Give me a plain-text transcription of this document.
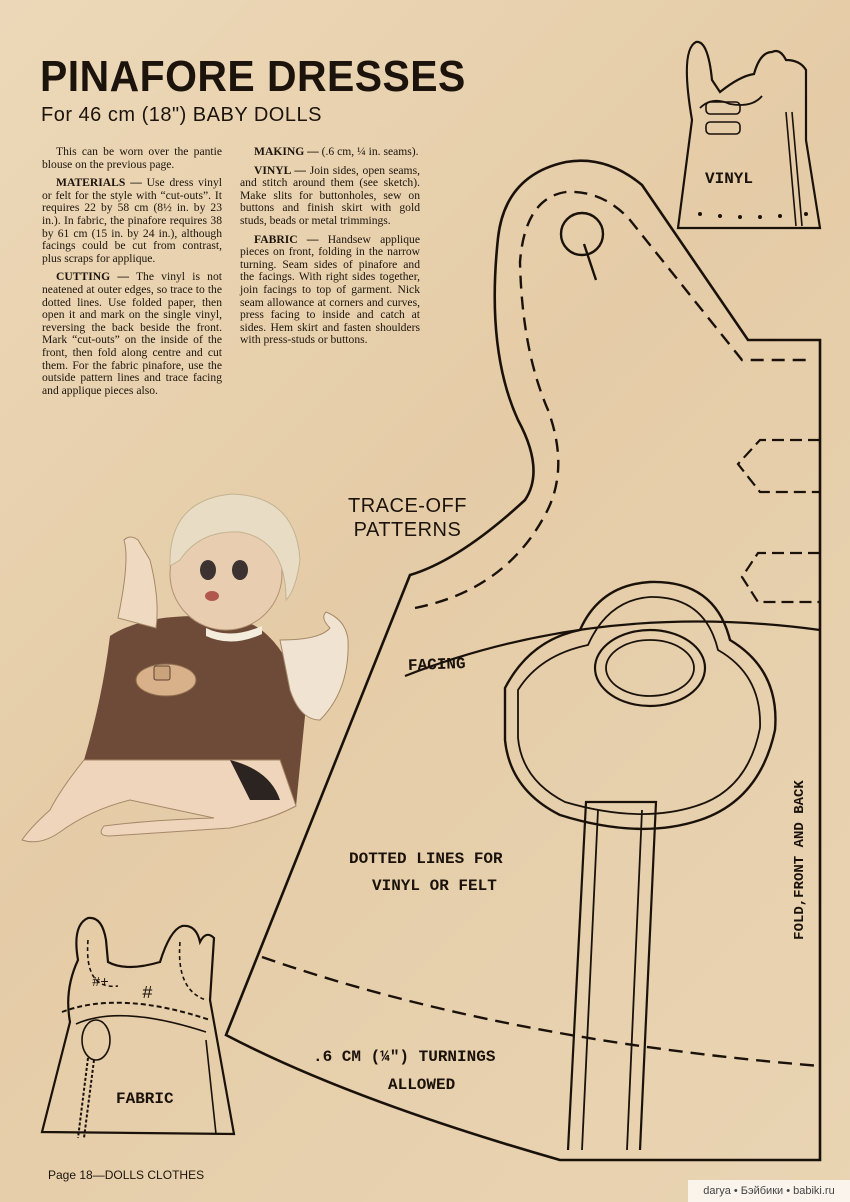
PINAFORE DRESSES
For 46 cm (18") BABY DOLLS

This can be worn over the pantie blouse on the previous page.

MATERIALS — Use dress vinyl or felt for the style with “cut-outs”. It requires 22 by 58 cm (8½ in. by 23 in.). In fabric, the pinafore requires 38 by 61 cm (15 in. by 24 in.), although facings could be cut from contrast, plus scraps for applique.

CUTTING — The vinyl is not neatened at outer edges, so trace to the dotted lines. Use folded paper, then open it and mark on the single vinyl, reversing the back beside the front. Mark “cut-outs” on the inside of the front, then fold along centre and cut them. For the fabric pinafore, use the outside pattern lines and trace facing and applique pieces also.

MAKING — (.6 cm, ¼ in. seams).

VINYL — Join sides, open seams, and stitch around them (see sketch). Make slits for buttonholes, sew on buttons and finish skirt with gold studs, beads or metal trimmings.

FABRIC — Handsew applique pieces on front, folding in the narrow turning. Seam sides of pinafore and the facings. With right sides together, join facings to top of garment. Nick seam allowance at corners and curves, press facing to inside and catch at sides. Hem skirt and fasten shoulders with press-studs or buttons.

#+
#
TRACE-OFF
PATTERNS
FACING
DOTTED LINES FOR
VINYL OR FELT
.6 CM (¼ʺ) TURNINGS
ALLOWED
FOLD,FRONT AND BACK
VINYL
FABRIC
Page 18—DOLLS CLOTHES
darya • Бэйбики • babiki.ru
